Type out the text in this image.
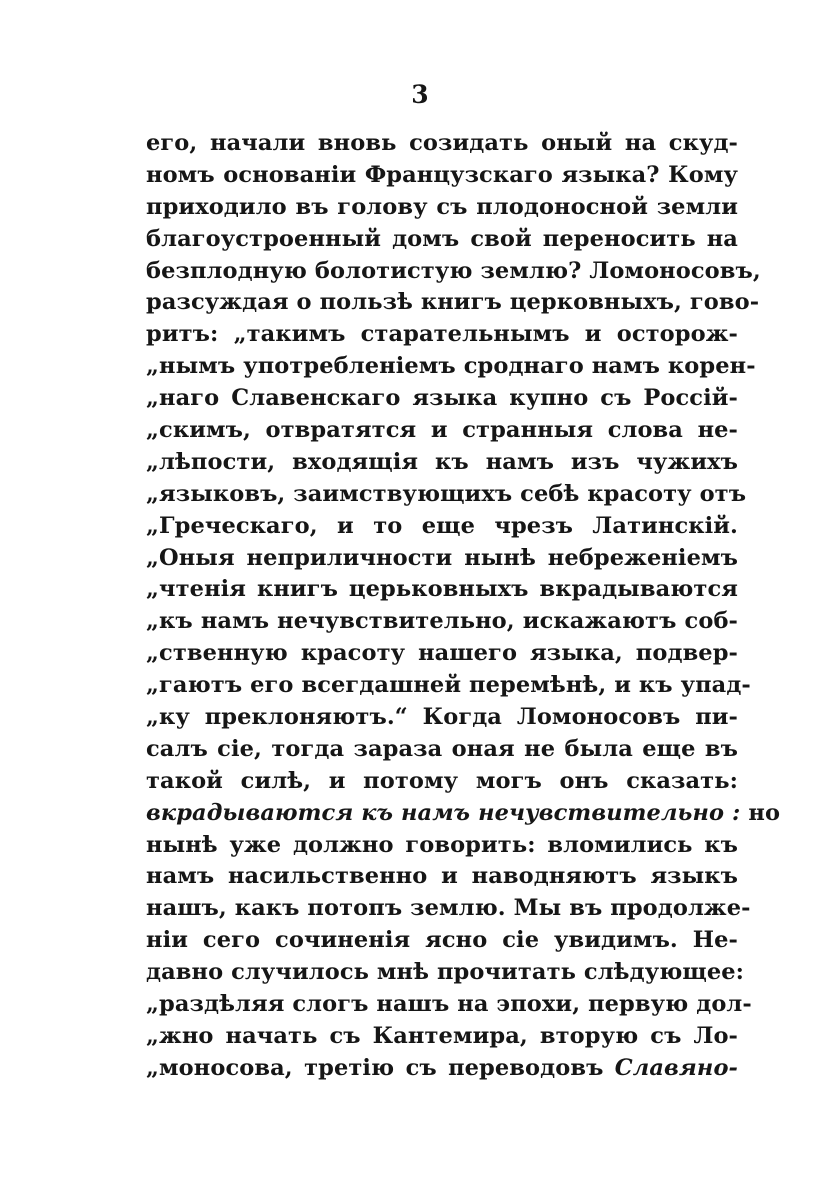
3
его, начали вновь созидать оный на скуд-
номъ основаніи Французскаго языка? Кому
приходило въ голову съ плодоносной земли
благоустроенный домъ свой переносить на
безплодную болотистую землю? Ломоносовъ,
разсуждая о пользѣ книгъ церковныхъ, гово-
ритъ: „такимъ старательнымъ и осторож-
„нымъ употребленіемъ сроднаго намъ корен-
„наго Славенскаго языка купно съ Россій-
„скимъ, отвратятся и странныя слова не-
„лѣпости, входящія къ намъ изъ чужихъ
„языковъ, заимствующихъ себѣ красоту отъ
„Греческаго, и то еще чрезъ Латинскій.
„Оныя неприличности нынѣ небреженіемъ
„чтенія книгъ церьковныхъ вкрадываются
„къ намъ нечувствительно, искажаютъ соб-
„ственную красоту нашего языка, подвер-
„гаютъ его всегдашней перемѣнѣ, и къ упад-
„ку преклоняютъ.“ Когда Ломоносовъ пи-
салъ сіе, тогда зараза оная не была еще въ
такой силѣ, и потому могъ онъ сказать:
вкрадываются къ намъ нечувствительно : но
нынѣ уже должно говорить: вломились къ
намъ насильственно и наводняютъ языкъ
нашъ, какъ потопъ землю. Мы въ продолже-
ніи сего сочиненія ясно сіе увидимъ. Не-
давно случилось мнѣ прочитать слѣдующее:
„раздѣляя слогъ нашъ на эпохи, первую дол-
„жно начать съ Кантемира, вторую съ Ло-
„моносова, третію съ переводовъ Славяно-
